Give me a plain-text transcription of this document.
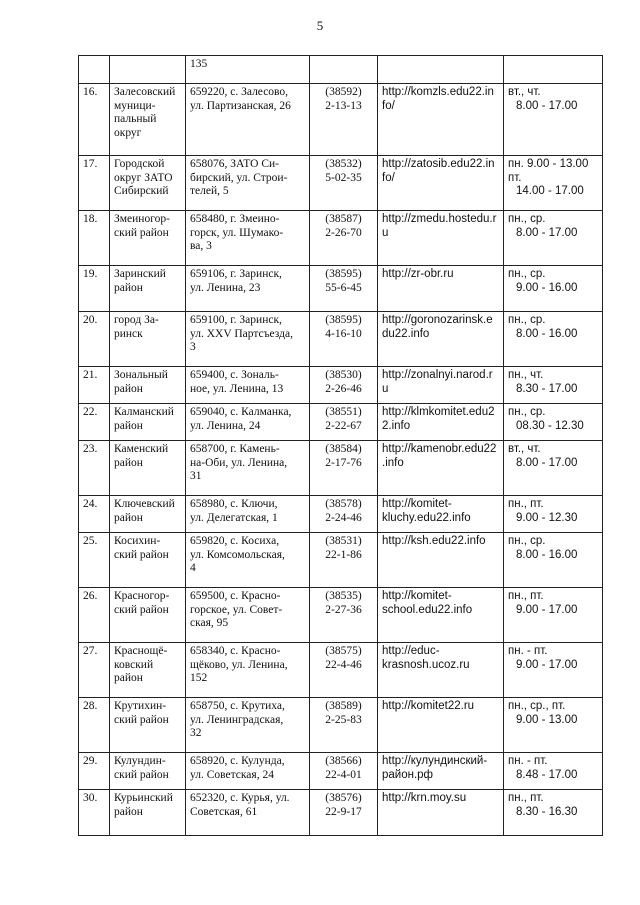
5
		135			

16.	Залесовский
муници-
пальный
округ	659220, с. Залесово,
ул. Партизанская, 26	(38592)
2-13-13	http://komzls.edu22.in
fo/	вт., чт.
8.00 - 17.00

17.	Городской
округ ЗАТО
Сибирский	658076, ЗАТО Си-
бирский, ул. Строи-
телей, 5	(38532)
5-02-35	http://zatosib.edu22.in
fo/	пн. 9.00 - 13.00
пт.
14.00 - 17.00

18.	Змеиногор-
ский район	658480, г. Змеино-
горск, ул. Шумако-
ва, 3	(38587)
2-26-70	http://zmedu.hostedu.ru	пн., ср.
8.00 - 17.00

19.	Заринский
район	659106, г. Заринск,
ул. Ленина, 23	(38595)
55-6-45	http://zr-obr.ru	пн., ср.
9.00 - 16.00

20.	город За-
ринск	659100, г. Заринск,
ул. XXV Партсъезда,
3	(38595)
4-16-10	http://goronozarinsk.e
du22.info	пн., ср.
8.00 - 16.00

21.	Зональный
район	659400, с. Зональ-
ное, ул. Ленина, 13	(38530)
2-26-46	http://zonalnyi.narod.r
u	пн., чт.
8.30 - 17.00

22.	Калманский
район	659040, с. Калманка,
ул. Ленина, 24	(38551)
2-22-67	http://klmkomitet.edu2
2.info	пн., ср.
08.30 - 12.30

23.	Каменский
район	658700, г. Камень-
на-Оби, ул. Ленина,
31	(38584)
2-17-76	http://kamenobr.edu22
.info	вт., чт.
8.00 - 17.00

24.	Ключевский
район	658980, с. Ключи,
ул. Делегатская, 1	(38578)
2-24-46	http://komitet-
kluchy.edu22.info	пн., пт.
9.00 - 12.30

25.	Косихин-
ский район	659820, с. Косиха,
ул. Комсомольская,
4	(38531)
22-1-86	http://ksh.edu22.info	пн., ср.
8.00 - 16.00

26.	Красногор-
ский район	659500, с. Красно-
горское, ул. Совет-
ская, 95	(38535)
2-27-36	http://komitet-
school.edu22.info	пн., пт.
9.00 - 17.00

27.	Краснощё-
ковский
район	658340, с. Красно-
щёково, ул. Ленина,
152	(38575)
22-4-46	http://educ-
krasnosh.ucoz.ru	пн. - пт.
9.00 - 17.00

28.	Крутихин-
ский район	658750, с. Крутиха,
ул. Ленинградская,
32	(38589)
2-25-83	http://komitet22.ru	пн., ср., пт.
9.00 - 13.00

29.	Кулундин-
ский район	658920, с. Кулунда,
ул. Советская, 24	(38566)
22-4-01	http://кулундинский-
район.рф	пн. - пт.
8.48 - 17.00

30.	Курьинский
район	652320, с. Курья, ул.
Советская, 61	(38576)
22-9-17	http://krn.moy.su	пн., пт.
8.30 - 16.30
